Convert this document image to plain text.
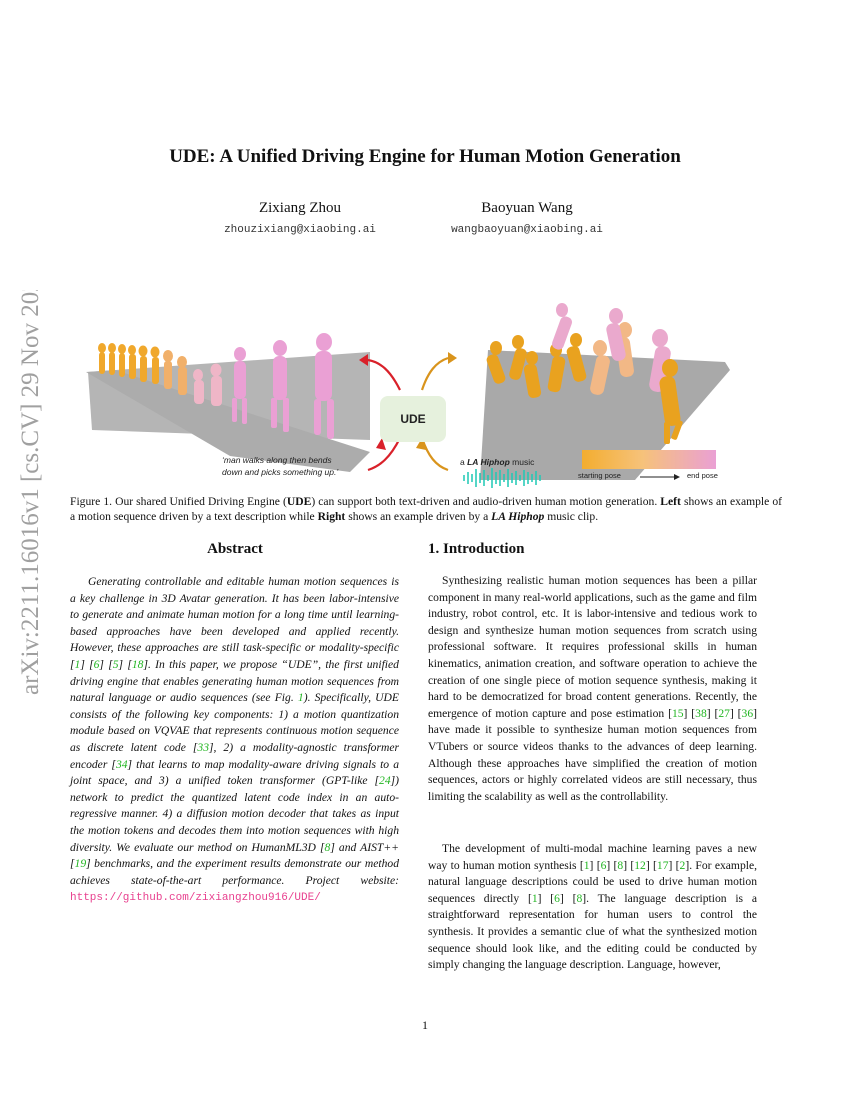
UDE: A Unified Driving Engine for Human Motion Generation
Zixiang Zhou
zhouzixiang@xiaobing.ai
Baoyuan Wang
wangbaoyuan@xiaobing.ai
arXiv:2211.16016v1 [cs.CV] 29 Nov 2022	UDE
‘man walks along then bends
down and picks something up.’
a LA Hiphop music
starting pose	end pose
Figure 1. Our shared Unified Driving Engine (UDE) can support both text-driven and audio-driven human motion generation. Left shows an example of a motion sequence driven by a text description while Right shows an example driven by a LA Hiphop music clip.
Abstract
Generating controllable and editable human motion sequences is a key challenge in 3D Avatar generation. It has been labor-intensive to generate and animate human motion for a long time until learning-based approaches have been developed and applied recently. However, these approaches are still task-specific or modality-specific [1] [6] [5] [18]. In this paper, we propose “UDE”, the first unified driving engine that enables generating human motion sequences from natural language or audio sequences (see Fig. 1). Specifically, UDE consists of the following key components: 1) a motion quantization module based on VQVAE that represents continuous motion sequence as discrete latent code [33], 2) a modality-agnostic transformer encoder [34] that learns to map modality-aware driving signals to a joint space, and 3) a unified token transformer (GPT-like [24]) network to predict the quantized latent code index in an auto-regressive manner. 4) a diffusion motion decoder that takes as input the motion tokens and decodes them into motion sequences with high diversity. We evaluate our method on HumanML3D [8] and AIST++ [19] benchmarks, and the experiment results demonstrate our method achieves state-of-the-art performance. Project website: https://github.com/zixiangzhou916/UDE/
1. Introduction
Synthesizing realistic human motion sequences has been a pillar component in many real-world applications, such as the game and film industry, robot control, etc. It is labor-intensive and tedious work to design and synthesize human motion sequences from scratch using professional software. It requires professional skills in human kinematics, animation creation, and software operation to achieve the creation of one single piece of motion sequence synthesis, making it hard to be democratized for broad content generations. Recently, the emergence of motion capture and pose estimation [15] [38] [27] [36] have made it possible to synthesize human motion sequences from VTubers or source videos thanks to the advances of deep learning. Although these approaches have simplified the creation of motion sequences, actors or highly correlated videos are still necessary, thus limiting the scalability as well as the controllability.
The development of multi-modal machine learning paves a new way to human motion synthesis [1] [6] [8] [12] [17] [2]. For example, natural language descriptions could be used to drive human motion sequences directly [1] [6] [8]. The language description is a straightforward representation for human users to control the synthesis. It provides a semantic clue of what the synthesized motion sequence should look like, and the editing could be conducted by simply changing the language description. Language, however,
1
